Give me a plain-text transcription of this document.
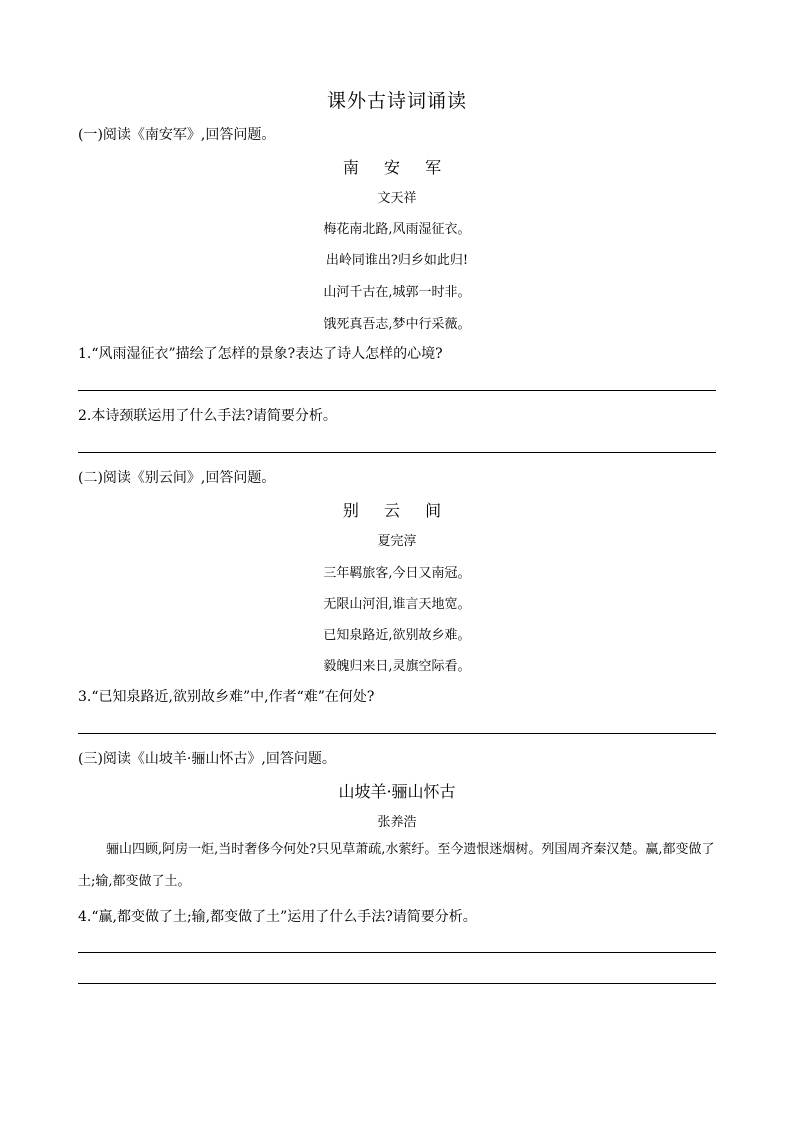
课外古诗词诵读
(一)阅读《南安军》,回答问题。
南 安 军
文天祥
梅花南北路,风雨湿征衣。
出岭同谁出?归乡如此归!
山河千古在,城郭一时非。
饿死真吾志,梦中行采薇。
1.“风雨湿征衣”描绘了怎样的景象?表达了诗人怎样的心境?
2.本诗颈联运用了什么手法?请简要分析。
(二)阅读《别云间》,回答问题。
别 云 间
夏完淳
三年羁旅客,今日又南冠。
无限山河泪,谁言天地宽。
已知泉路近,欲别故乡难。
毅魄归来日,灵旗空际看。
3.“已知泉路近,欲别故乡难”中,作者“难”在何处?
(三)阅读《山坡羊·骊山怀古》,回答问题。
山坡羊·骊山怀古
张养浩
骊山四顾,阿房一炬,当时奢侈今何处?只见草萧疏,水萦纡。至今遗恨迷烟树。列国周齐秦汉楚。赢,都变做了土;输,都变做了土。
4.“赢,都变做了土;输,都变做了土”运用了什么手法?请简要分析。
